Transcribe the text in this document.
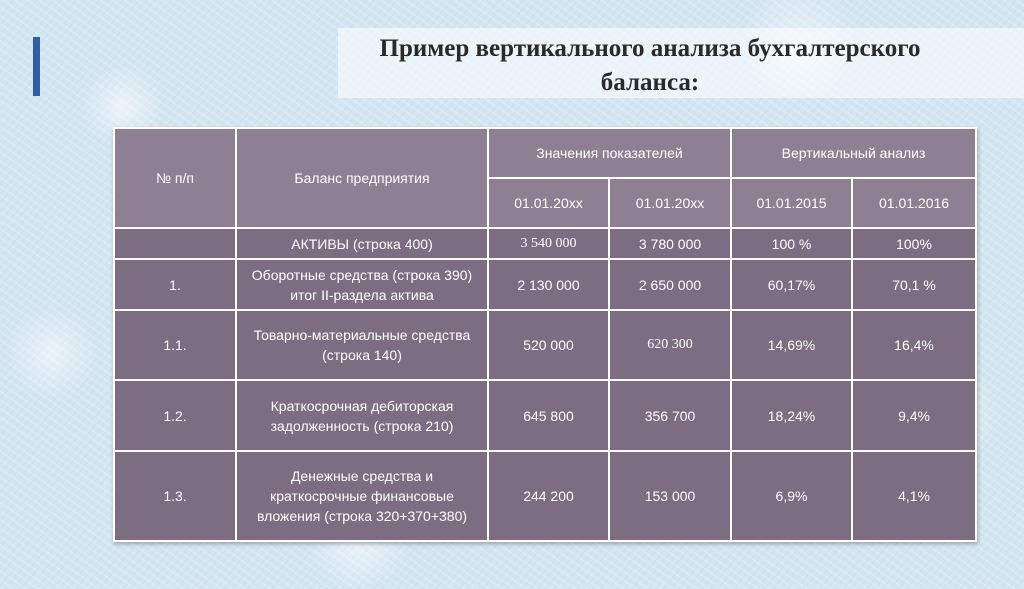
Пример вертикального анализа бухгалтерского баланса:
№ п/п	Баланс предприятия	Значения показателей		Вертикальный анализ	
		01.01.20хх	01.01.20хх	01.01.2015	01.01.2016
	АКТИВЫ (строка 400)	3 540 000	3 780 000	100 %	100%
1.	Оборотные средства (строка 390) итог II-раздела актива	2 130 000	2 650 000	60,17%	70,1 %
1.1.	Товарно-материальные средства (строка 140)	520 000	620 300	14,69%	16,4%
1.2.	Краткосрочная дебиторская задолженность (строка 210)	645 800	356 700	18,24%	9,4%
1.3.	Денежные средства и краткосрочные финансовые вложения (строка 320+370+380)	244 200	153 000	6,9%	4,1%
